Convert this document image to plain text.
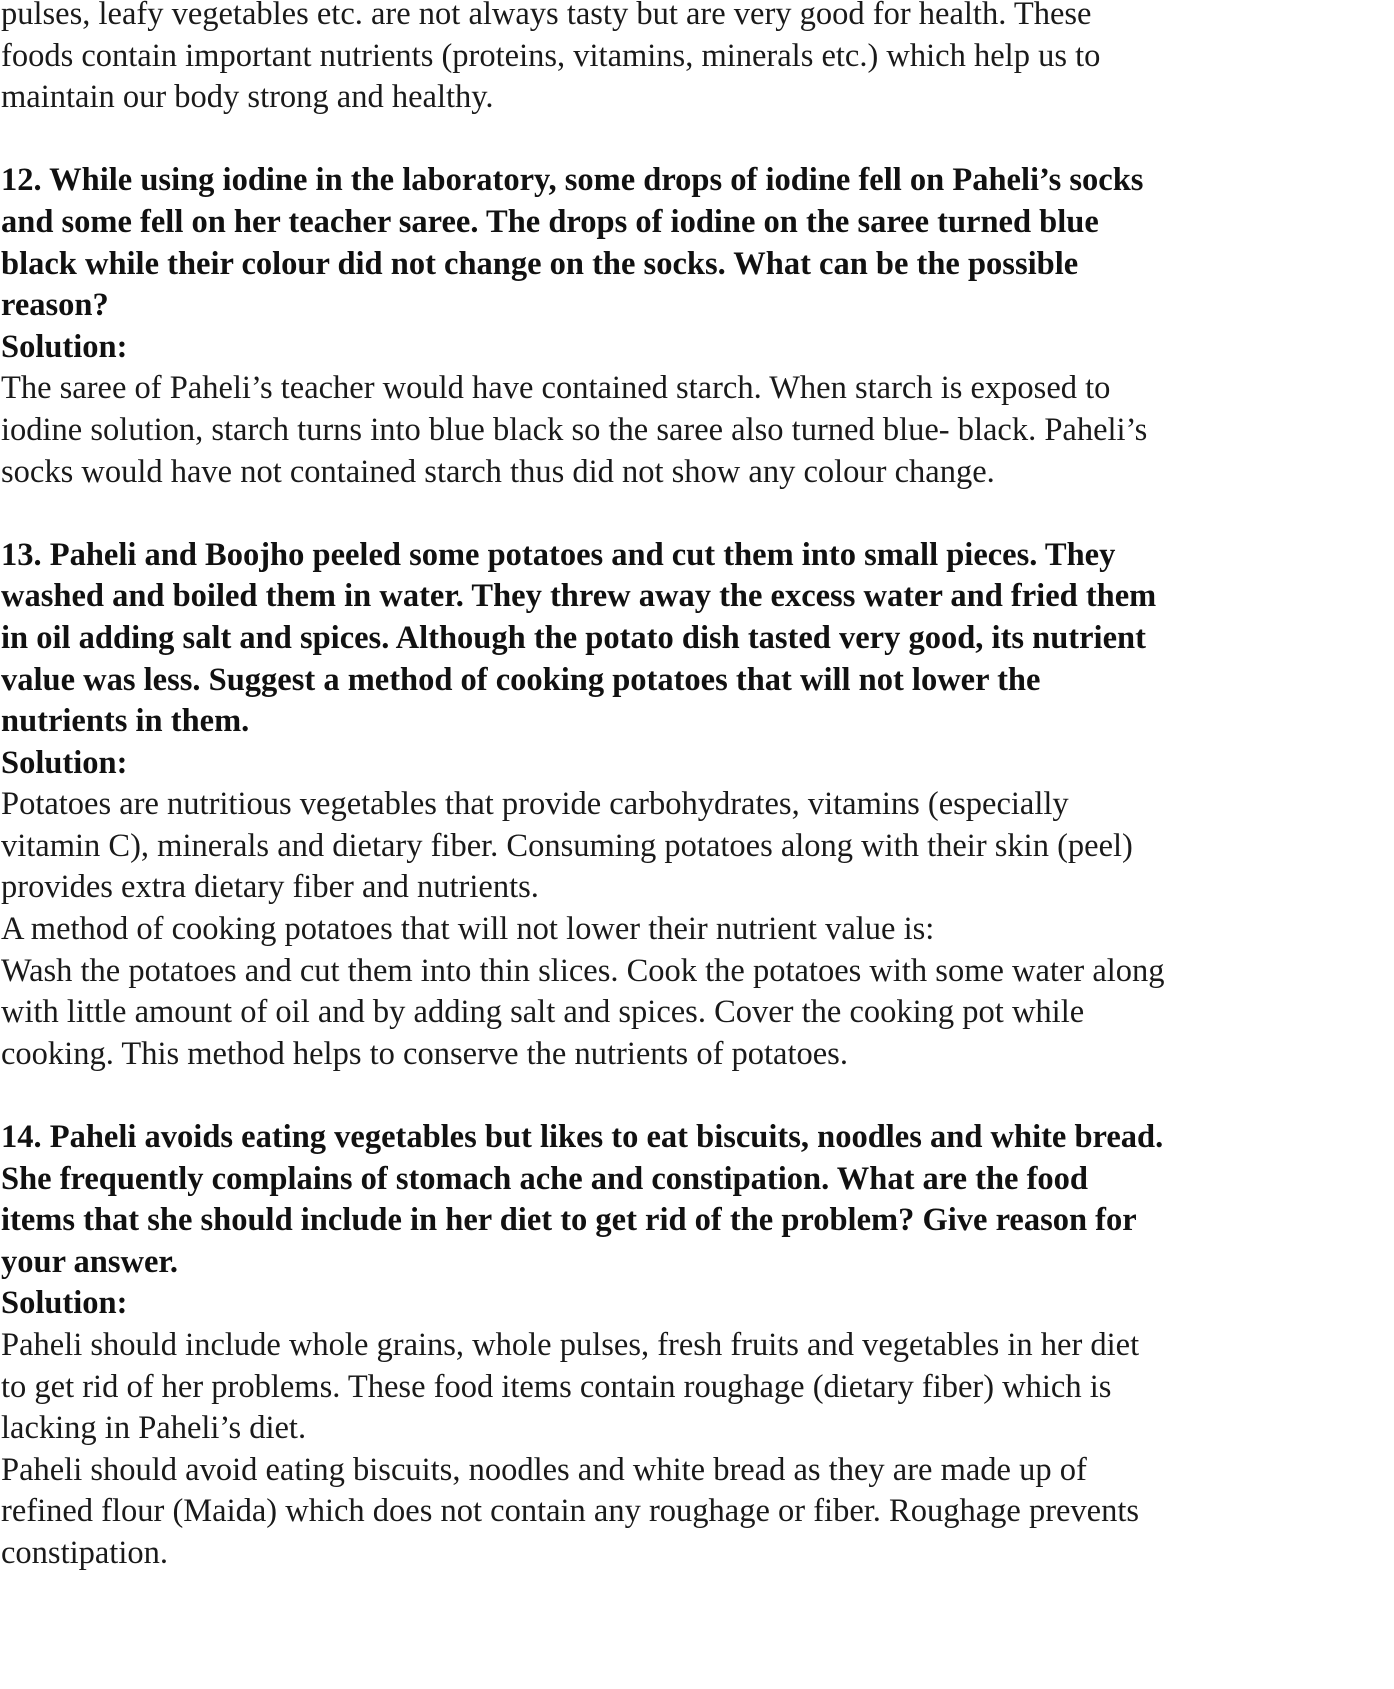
pulses, leafy vegetables etc. are not always tasty but are very good for health. These
foods contain important nutrients (proteins, vitamins, minerals etc.) which help us to
maintain our body strong and healthy.
12. While using iodine in the laboratory, some drops of iodine fell on Paheli’s socks
and some fell on her teacher saree. The drops of iodine on the saree turned blue
black while their colour did not change on the socks. What can be the possible
reason?
Solution:
The saree of Paheli’s teacher would have contained starch. When starch is exposed to
iodine solution, starch turns into blue black so the saree also turned blue- black. Paheli’s
socks would have not contained starch thus did not show any colour change.
13. Paheli and Boojho peeled some potatoes and cut them into small pieces. They
washed and boiled them in water. They threw away the excess water and fried them
in oil adding salt and spices. Although the potato dish tasted very good, its nutrient
value was less. Suggest a method of cooking potatoes that will not lower the
nutrients in them.
Solution:
Potatoes are nutritious vegetables that provide carbohydrates, vitamins (especially
vitamin C), minerals and dietary fiber. Consuming potatoes along with their skin (peel)
provides extra dietary fiber and nutrients.
A method of cooking potatoes that will not lower their nutrient value is:
Wash the potatoes and cut them into thin slices. Cook the potatoes with some water along
with little amount of oil and by adding salt and spices. Cover the cooking pot while
cooking. This method helps to conserve the nutrients of potatoes.
14. Paheli avoids eating vegetables but likes to eat biscuits, noodles and white bread.
She frequently complains of stomach ache and constipation. What are the food
items that she should include in her diet to get rid of the problem? Give reason for
your answer.
Solution:
Paheli should include whole grains, whole pulses, fresh fruits and vegetables in her diet
to get rid of her problems. These food items contain roughage (dietary fiber) which is
lacking in Paheli’s diet.
Paheli should avoid eating biscuits, noodles and white bread as they are made up of
refined flour (Maida) which does not contain any roughage or fiber. Roughage prevents
constipation.
